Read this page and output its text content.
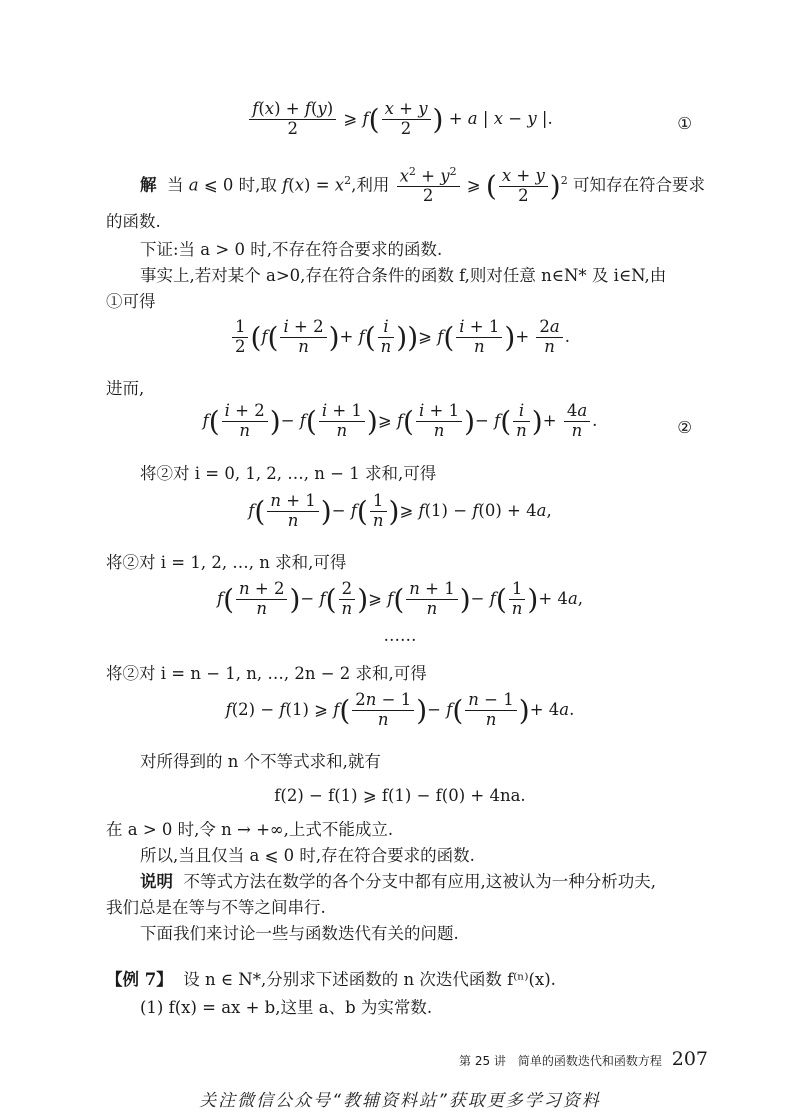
$\frac{f(x) + f(y)}{2}$ ⩾ $f( \frac{x + y}{2}$ ) + a | x − y |.	①
解 当 a ⩽ 0 时,取 $f(x) = x^2$,利用 $\frac{x^2 + y^2}{2}$ ⩾ ( $\frac{x + y}{2} )^2$ 可知存在符合要求
的函数.
下证:当 a > 0 时,不存在符合要求的函数.
事实上,若对某个 a>0,存在符合条件的函数 f,则对任意 n∈N* 及 i∈N,由
①可得
$\frac{1}{2} (f( \frac{i + 2}{n}$ )+ $f( \frac{i}{n}$ ))⩾ $f( \frac{i + 1}{n}$ )+ $\frac{2a}{n}$ .
进而,
$f( \frac{i + 2}{n}$ )− $f( \frac{i + 1}{n}$ )⩾ $f( \frac{i + 1}{n}$ )− $f( \frac{i}{n}$ )+ $\frac{4a}{n}$ .	②
将②对 i = 0, 1, 2, …, n − 1 求和,可得
$f( \frac{n + 1}{n}$ )− $f( \frac{1}{n}$ )⩾ f(1) − f(0) + 4a,
将②对 i = 1, 2, …, n 求和,可得
$f( \frac{n + 2}{n}$ )− $f( \frac{2}{n}$ )⩾ $f( \frac{n + 1}{n}$ )− $f( \frac{1}{n}$ )+ 4a,
……
将②对 i = n − 1, n, …, 2n − 2 求和,可得
f(2) − f(1) ⩾ $f( \frac{2n - 1}{n}$ )− $f( \frac{n - 1}{n}$ )+ 4a.
对所得到的 n 个不等式求和,就有
f(2) − f(1) ⩾ f(1) − f(0) + 4na.
在 a > 0 时,令 n → +∞,上式不能成立.
所以,当且仅当 a ⩽ 0 时,存在符合要求的函数.
说明 不等式方法在数学的各个分支中都有应用,这被认为一种分析功夫,
我们总是在等与不等之间串行.
下面我们来讨论一些与函数迭代有关的问题.
【例 7】 设 n ∈ N*,分别求下述函数的 n 次迭代函数 f⁽ⁿ⁾(x).
(1) f(x) = ax + b,这里 a、b 为实常数.
第 25 讲　简单的函数迭代和函数方程 207
关注微信公众号“教辅资料站”获取更多学习资料
